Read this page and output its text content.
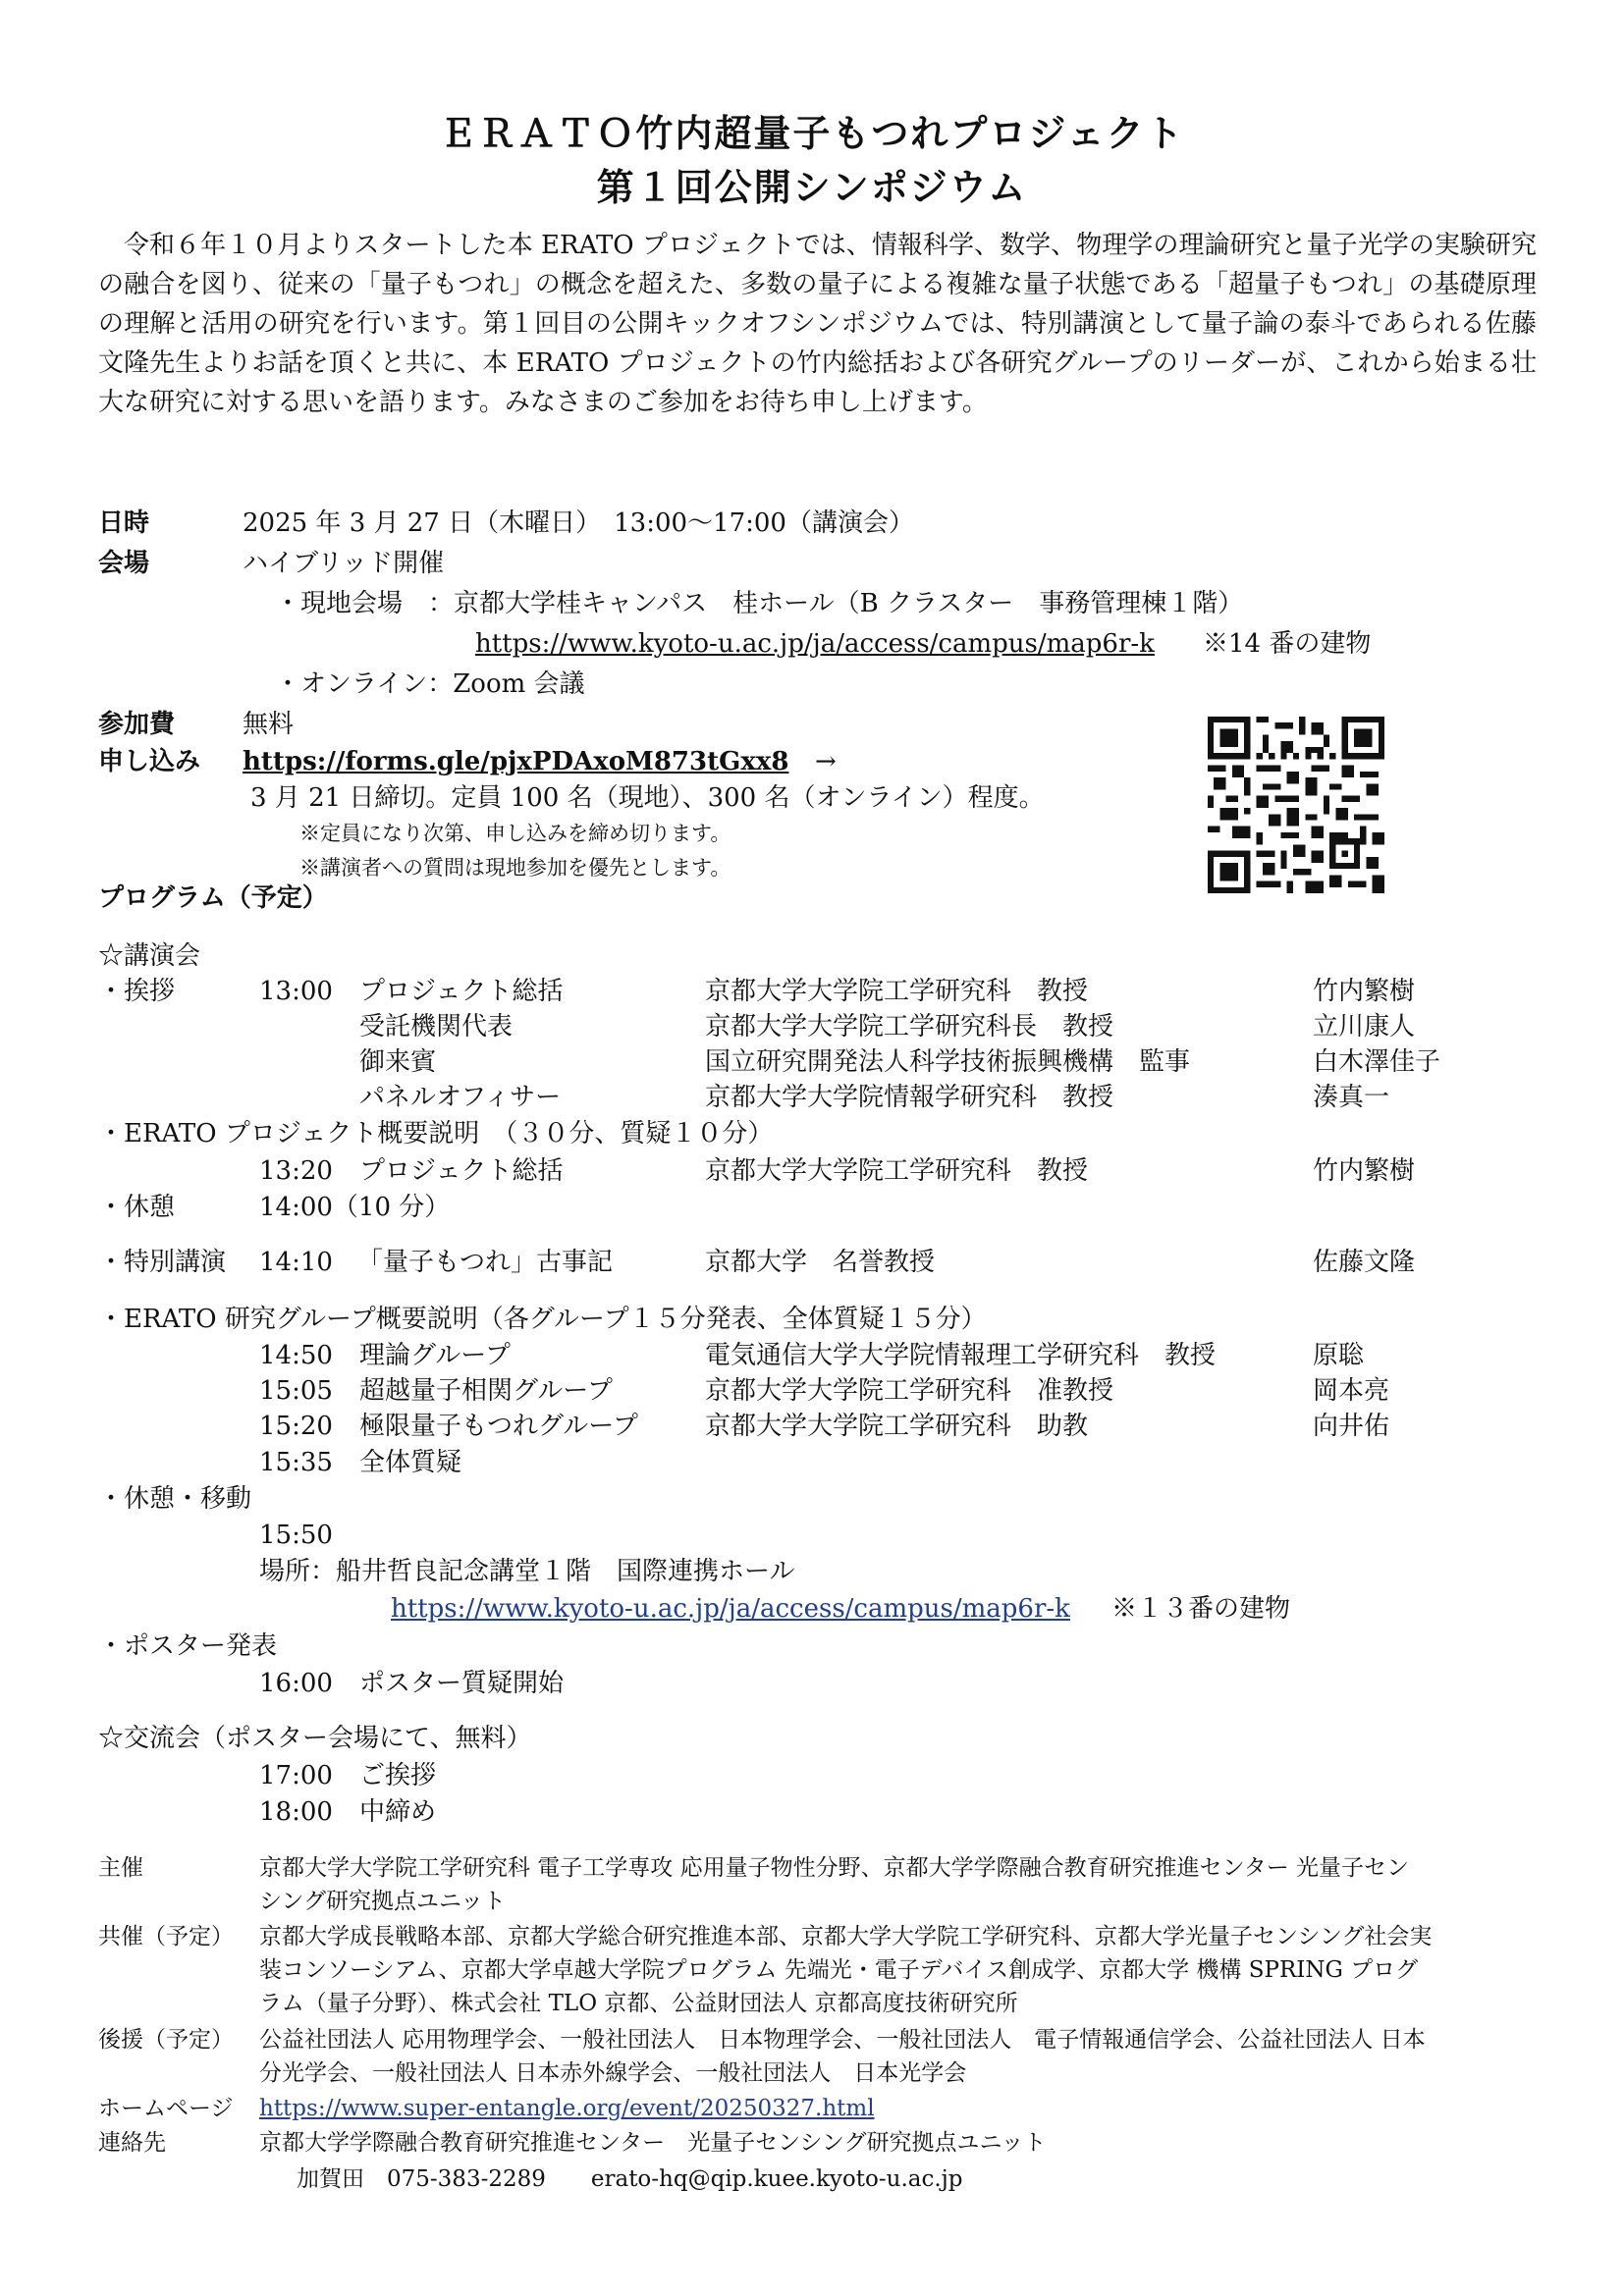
ＥＲＡＴＯ竹内超量子もつれプロジェクト
第１回公開シンポジウム
令和６年１０月よりスタートした本 ERATO プロジェクトでは、情報科学、数学、物理学の理論研究と量子光学の実験研究の融合を図り、従来の「量子もつれ」の概念を超えた、多数の量子による複雑な量子状態である「超量子もつれ」の基礎原理の理解と活用の研究を行います。第１回目の公開キックオフシンポジウムでは、特別講演として量子論の泰斗であられる佐藤文隆先生よりお話を頂くと共に、本 ERATO プロジェクトの竹内総括および各研究グループのリーダーが、これから始まる壮大な研究に対する思いを語ります。みなさまのご参加をお待ち申し上げます。
日時	2025 年 3 月 27 日（木曜日）　13:00～17:00（講演会）
会場	ハイブリッド開催
・現地会場　：京都大学桂キャンパス　桂ホール（B クラスター　事務管理棟１階）
https://www.kyoto-u.ac.jp/ja/access/campus/map6r-k ※14 番の建物
・オンライン：Zoom 会議
参加費	無料
申し込み https://forms.gle/pjxPDAxoM873tGxx8 →
3 月 21 日締切。定員 100 名（現地）、300 名（オンライン）程度。
※定員になり次第、申し込みを締め切ります。
※講演者への質問は現地参加を優先とします。
プログラム（予定）
☆講演会
・挨拶	13:00 プロジェクト総括	京都大学大学院工学研究科　教授	竹内繁樹
受託機関代表	京都大学大学院工学研究科長　教授	立川康人
御来賓	国立研究開発法人科学技術振興機構　監事	白木澤佳子
パネルオフィサー	京都大学大学院情報学研究科　教授	湊真一
・ERATO プロジェクト概要説明　（３０分、質疑１０分）
13:20 プロジェクト総括	京都大学大学院工学研究科　教授	竹内繁樹
・休憩	14:00（10 分）
・特別講演 14:10 「量子もつれ」古事記	京都大学　名誉教授	佐藤文隆
・ERATO 研究グループ概要説明（各グループ１５分発表、全体質疑１５分）
14:50 理論グループ	電気通信大学大学院情報理工学研究科　教授	原聡
15:05 超越量子相関グループ	京都大学大学院工学研究科　准教授	岡本亮
15:20 極限量子もつれグループ	京都大学大学院工学研究科　助教	向井佑
15:35 全体質疑
・休憩・移動
15:50
場所：船井哲良記念講堂１階　国際連携ホール
https://www.kyoto-u.ac.jp/ja/access/campus/map6r-k ※１３番の建物
・ポスター発表
16:00 ポスター質疑開始
☆交流会（ポスター会場にて、無料）
17:00 ご挨拶
18:00 中締め
主催	京都大学大学院工学研究科 電子工学専攻 応用量子物性分野、京都大学学際融合教育研究推進センター 光量子セン
シング研究拠点ユニット
共催（予定） 京都大学成長戦略本部、京都大学総合研究推進本部、京都大学大学院工学研究科、京都大学光量子センシング社会実
装コンソーシアム、京都大学卓越大学院プログラム 先端光・電子デバイス創成学、京都大学 機構 SPRING プログ
ラム（量子分野）、株式会社 TLO 京都、公益財団法人 京都高度技術研究所
後援（予定） 公益社団法人 応用物理学会、一般社団法人　日本物理学会、一般社団法人　電子情報通信学会、公益社団法人 日本
分光学会、一般社団法人 日本赤外線学会、一般社団法人　日本光学会
ホームページ https://www.super-entangle.org/event/20250327.html
連絡先	京都大学学際融合教育研究推進センター　光量子センシング研究拠点ユニット
加賀田　075-383-2289　　erato-hq@qip.kuee.kyoto-u.ac.jp
